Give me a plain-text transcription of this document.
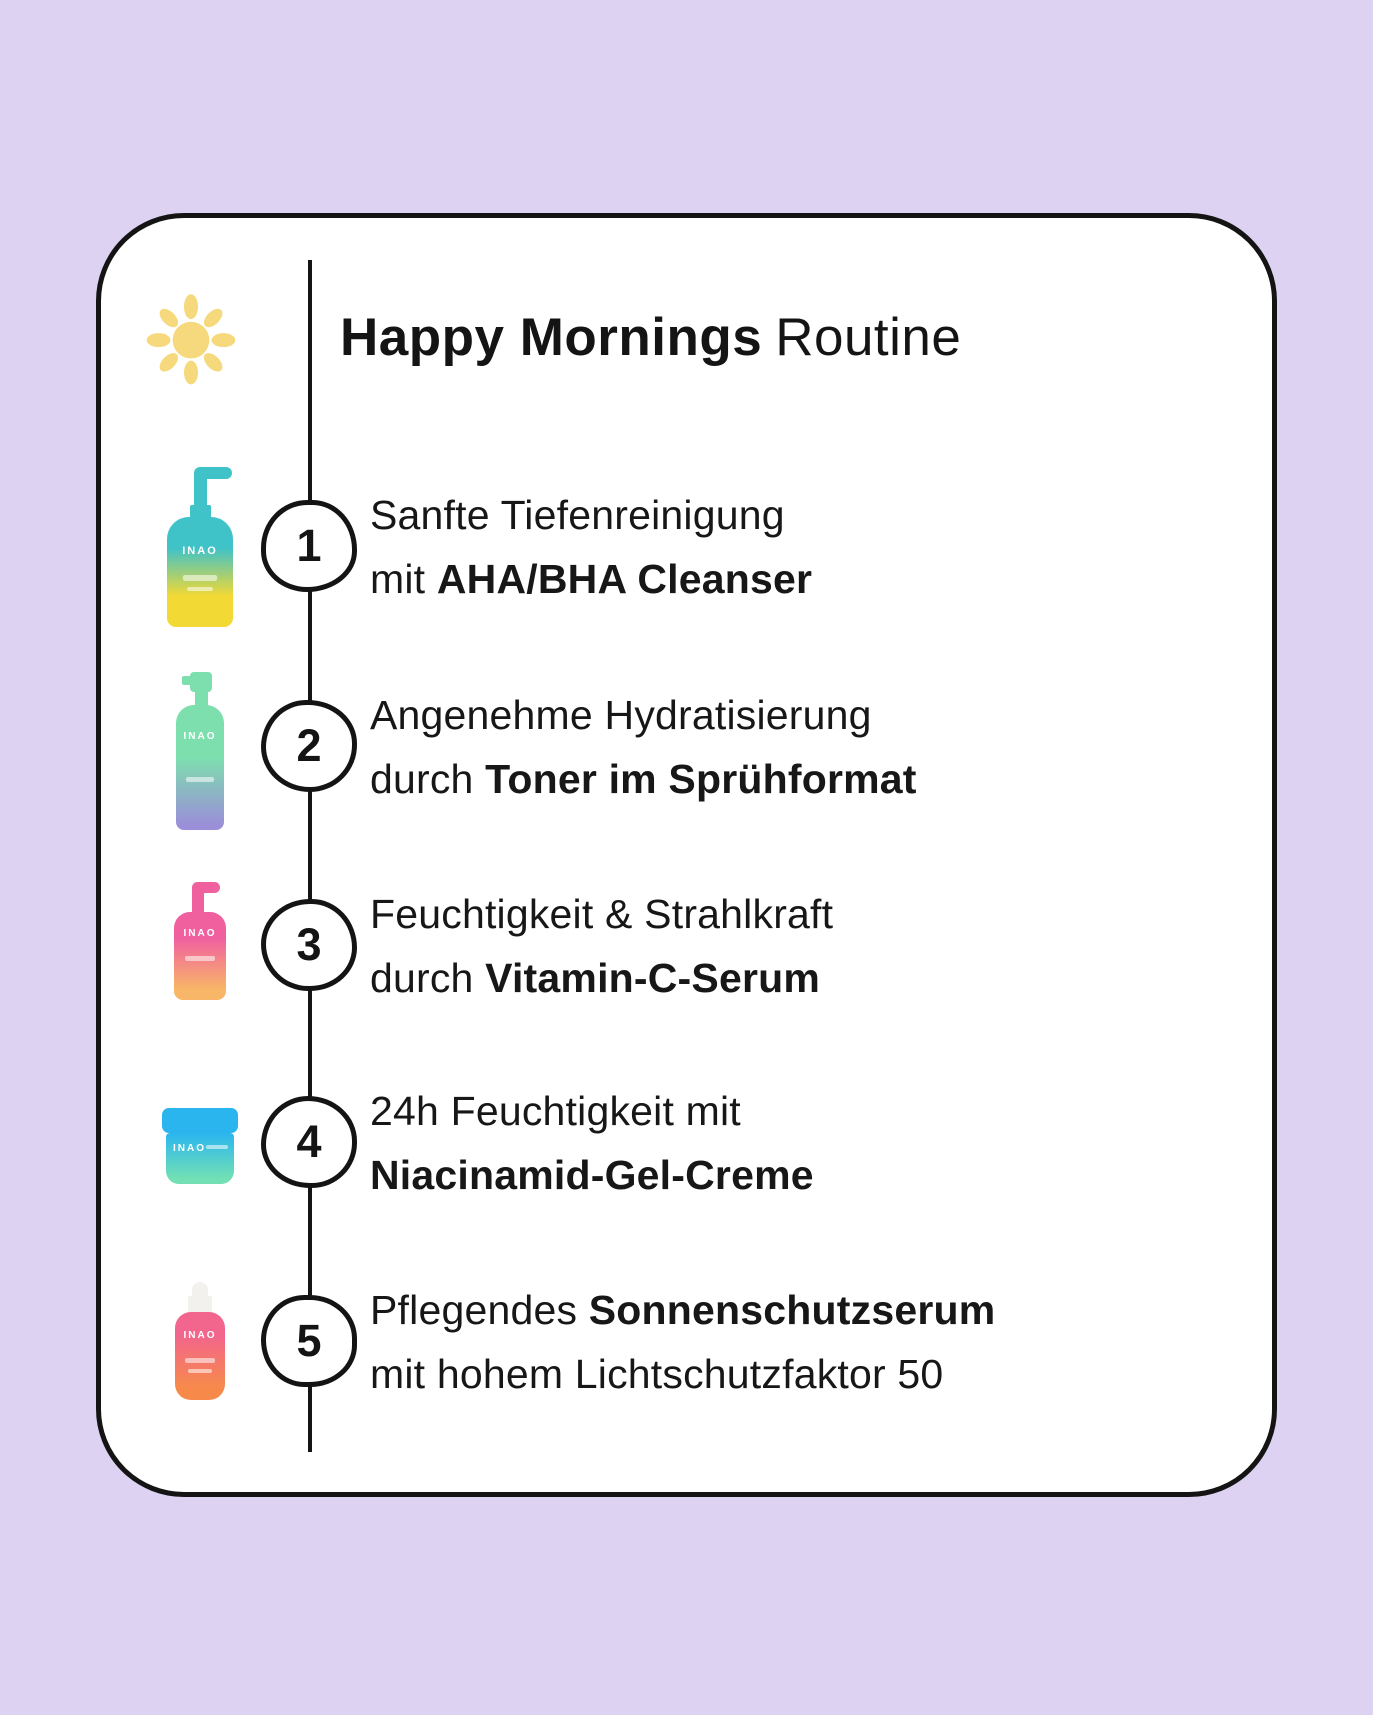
Happy Mornings Routine
INAO	1
Sanfte Tiefenreinigung
mit AHA/BHA Cleanser
INAO 2
Angenehme Hydratisierung
durch Toner im Sprühformat
INAO 3
Feuchtigkeit & Strahlkraft
durch Vitamin-C-Serum
INAO	4
24h Feuchtigkeit mit
Niacinamid-Gel-Creme
INAO 5
Pflegendes Sonnenschutzserum
mit hohem Lichtschutzfaktor 50
